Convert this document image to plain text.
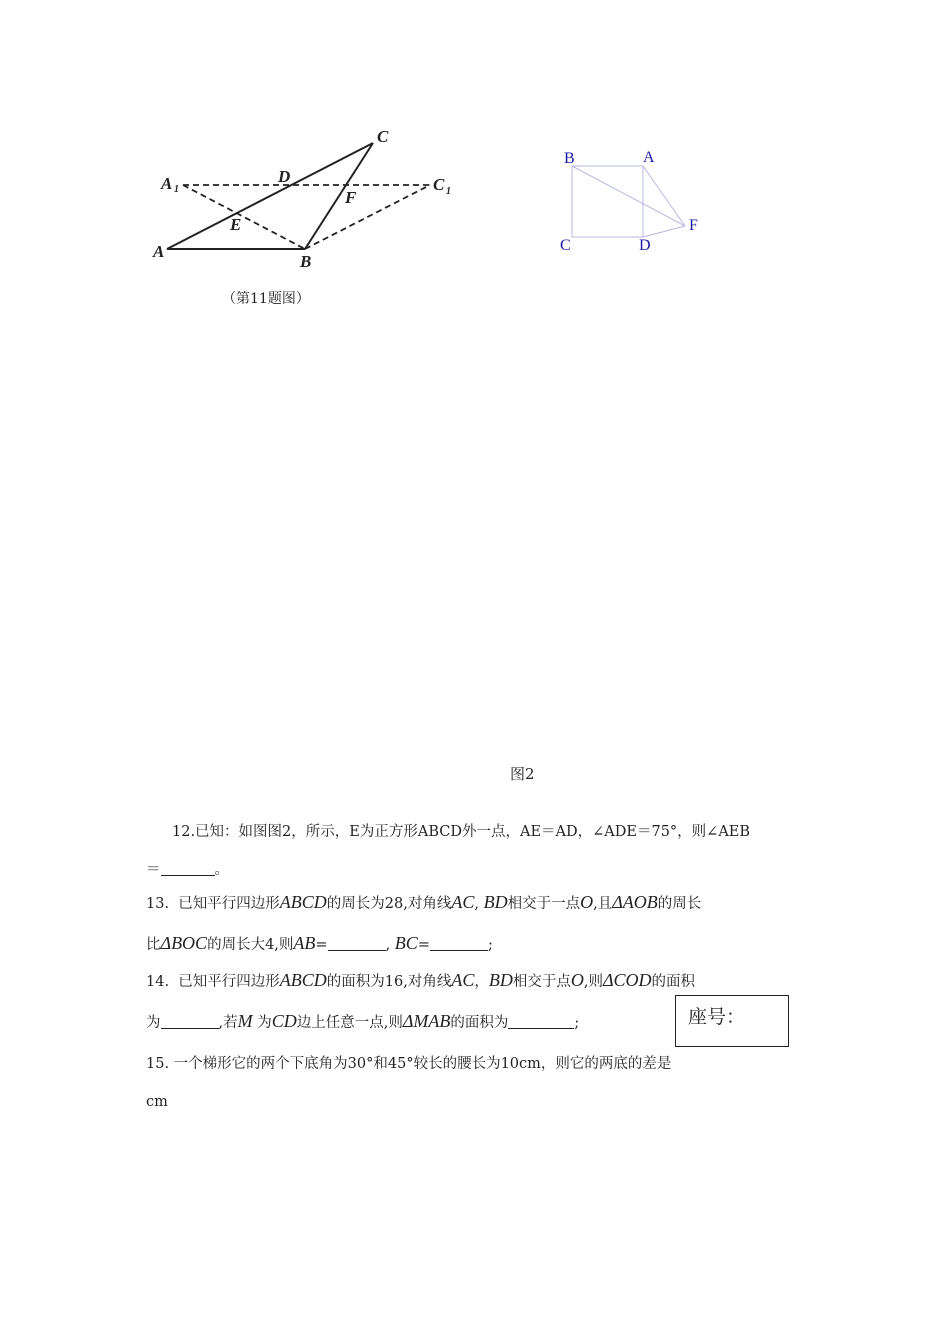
C
A 1
D
F
C 1
E
A
B
（第11题图）
B	A
F
C	D
图2
12.已知：如图图2，所示，E为正方形ABCD外一点，AE＝AD，∠ADE＝75°，则∠AEB
＝	。
13. 已知平行四边形ABCD的周长为28,对角线AC, BD相交于一点O,且ΔAOB的周长
比ΔBOC的周长大4,则AB=	, BC=	;
14. 已知平行四边形ABCD的面积为16,对角线AC，BD相交于点O,则ΔCOD的面积
为	,若M 为CD边上任意一点,则ΔMAB的面积为	;	座号：
15. 一个梯形它的两个下底角为30°和45°较长的腰长为10cm，则它的两底的差是
cm
